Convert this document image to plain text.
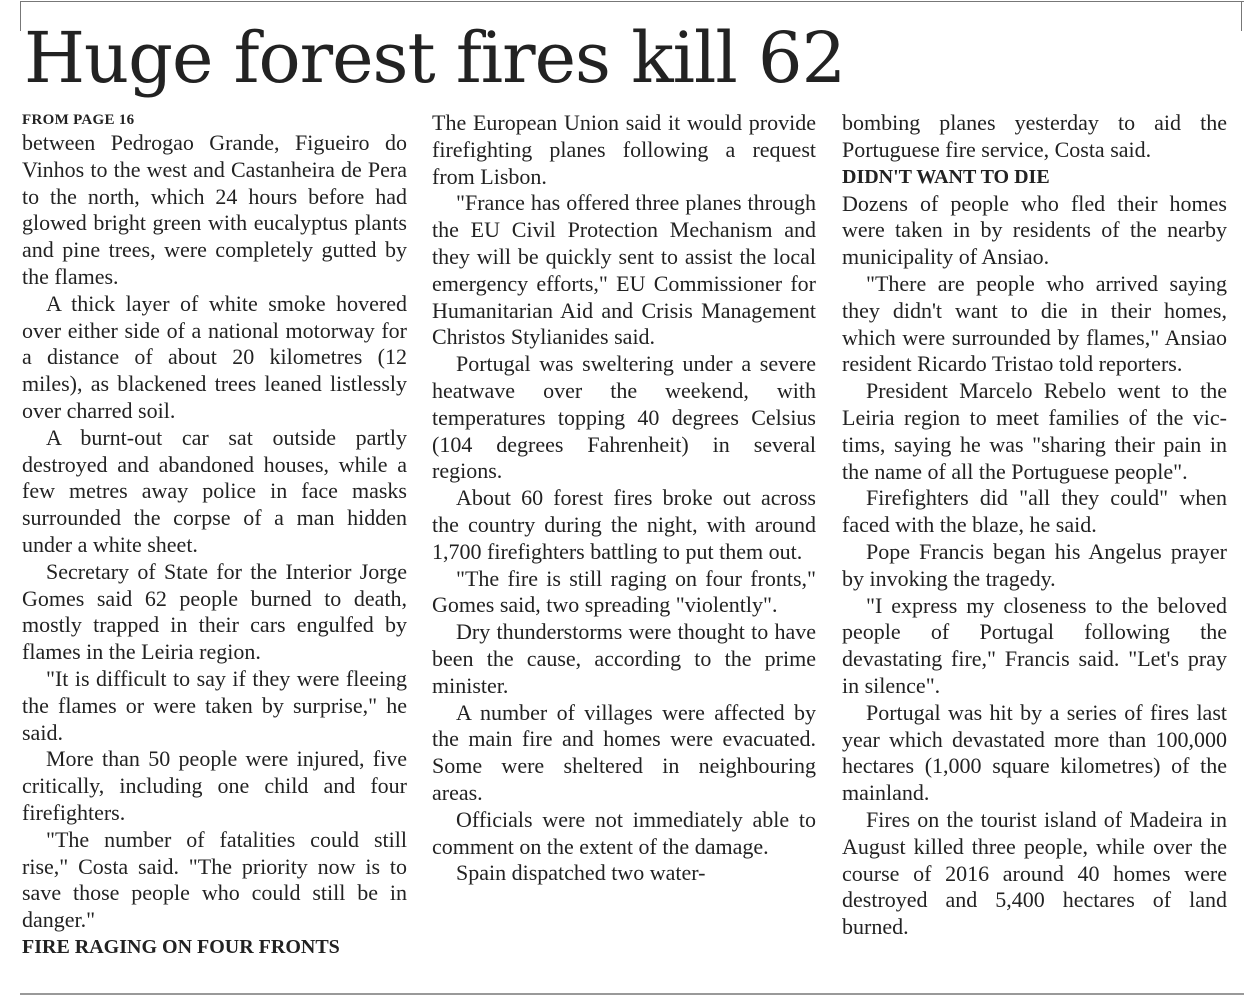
Huge forest fires kill 62
FROM PAGE 16

between Pedrogao Grande, Figueiro do Vinhos to the west and Castanheira de Pera to the north, which 24 hours before had glowed bright green with eucalyptus plants and pine trees, were completely gutted by the flames.

A thick layer of white smoke hovered over either side of a national motorway for a distance of about 20 kilometres (12 miles), as blackened trees leaned listlessly over charred soil.

A burnt-out car sat outside partly destroyed and abandoned houses, while a few metres away police in face masks surrounded the corpse of a man hidden under a white sheet.

Secretary of State for the Interior Jorge Gomes said 62 people burned to death, mostly trapped in their cars engulfed by flames in the Leiria region.

"It is difficult to say if they were fleeing the flames or were taken by surprise," he said.

More than 50 people were injured, five critically, including one child and four firefighters.

"The number of fatalities could still rise," Costa said. "The priority now is to save those people who could still be in danger."

FIRE RAGING ON FOUR FRONTS

The European Union said it would provide firefighting planes following a request from Lisbon.

"France has offered three planes through the EU Civil Protection Mechanism and they will be quickly sent to assist the local emergency efforts," EU Commissioner for Humanitarian Aid and Crisis Management Christos Stylianides said.

Portugal was sweltering under a severe heatwave over the weekend, with temperatures topping 40 degrees Celsius (104 degrees Fahrenheit) in several regions.

About 60 forest fires broke out across the country during the night, with around 1,700 firefighters battling to put them out.

"The fire is still raging on four fronts," Gomes said, two spreading "violently".

Dry thunderstorms were thought to have been the cause, according to the prime minister.

A number of villages were affected by the main fire and homes were evacuated. Some were sheltered in neighbouring areas.

Officials were not immediately able to comment on the extent of the damage.

Spain dispatched two water-

bombing planes yesterday to aid the Portuguese fire service, Costa said.

DIDN'T WANT TO DIE

Dozens of people who fled their homes were taken in by residents of the nearby municipality of Ansiao.

"There are people who arrived saying they didn't want to die in their homes, which were surrounded by flames," Ansiao resident Ricardo Tristao told reporters.

President Marcelo Rebelo went to the Leiria region to meet families of the victims, saying he was "sharing their pain in the name of all the Portuguese people".

Firefighters did "all they could" when faced with the blaze, he said.

Pope Francis began his Angelus prayer by invoking the tragedy.

"I express my closeness to the beloved people of Portugal following the devastating fire," Francis said. "Let's pray in silence".

Portugal was hit by a series of fires last year which devastated more than 100,000 hectares (1,000 square kilometres) of the mainland.

Fires on the tourist island of Madeira in August killed three people, while over the course of 2016 around 40 homes were destroyed and 5,400 hectares of land burned.
